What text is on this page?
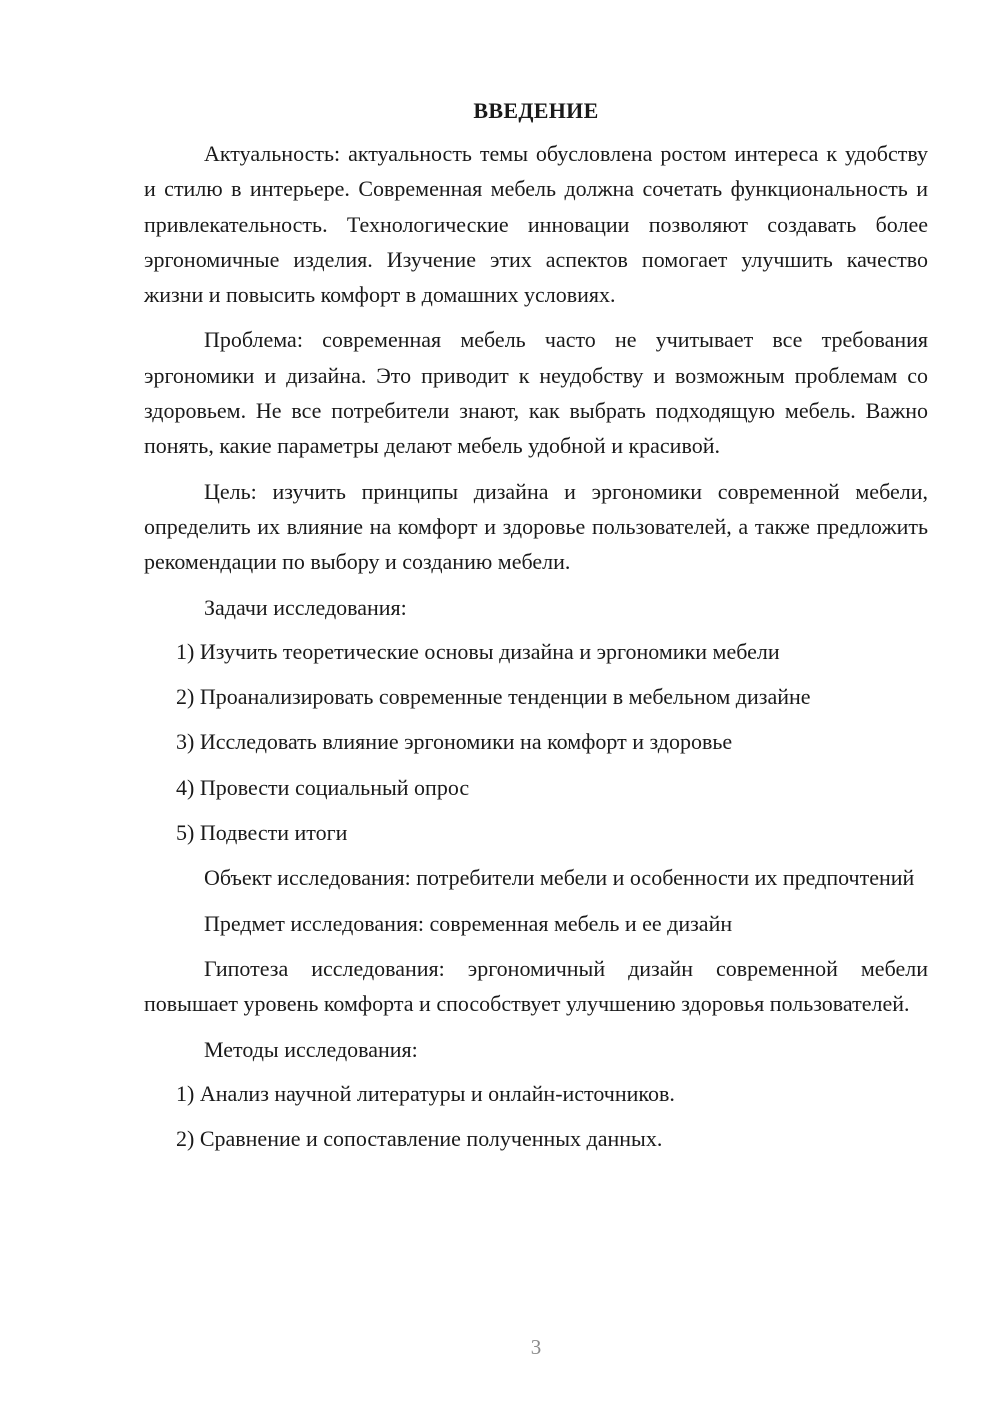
ВВЕДЕНИЕ

Актуальность: актуальность темы обусловлена ростом интереса к удобству и стилю в интерьере. Современная мебель должна сочетать функциональность и привлекательность. Технологические инновации позволяют создавать более эргономичные изделия. Изучение этих аспектов помогает улучшить качество жизни и повысить комфорт в домашних условиях.

Проблема: современная мебель часто не учитывает все требования эргономики и дизайна. Это приводит к неудобству и возможным проблемам со здоровьем. Не все потребители знают, как выбрать подходящую мебель. Важно понять, какие параметры делают мебель удобной и красивой.

Цель: изучить принципы дизайна и эргономики современной мебели, определить их влияние на комфорт и здоровье пользователей, а также предложить рекомендации по выбору и созданию мебели.

Задачи исследования:

1) Изучить теоретические основы дизайна и эргономики мебели
2) Проанализировать современные тенденции в мебельном дизайне
3) Исследовать влияние эргономики на комфорт и здоровье
4) Провести социальный опрос
5) Подвести итоги

Объект исследования: потребители мебели и особенности их предпочтений

Предмет исследования: современная мебель и ее дизайн

Гипотеза исследования: эргономичный дизайн современной мебели повышает уровень комфорта и способствует улучшению здоровья пользователей.

Методы исследования:

1) Анализ научной литературы и онлайн-источников.
2) Сравнение и сопоставление полученных данных.
3
